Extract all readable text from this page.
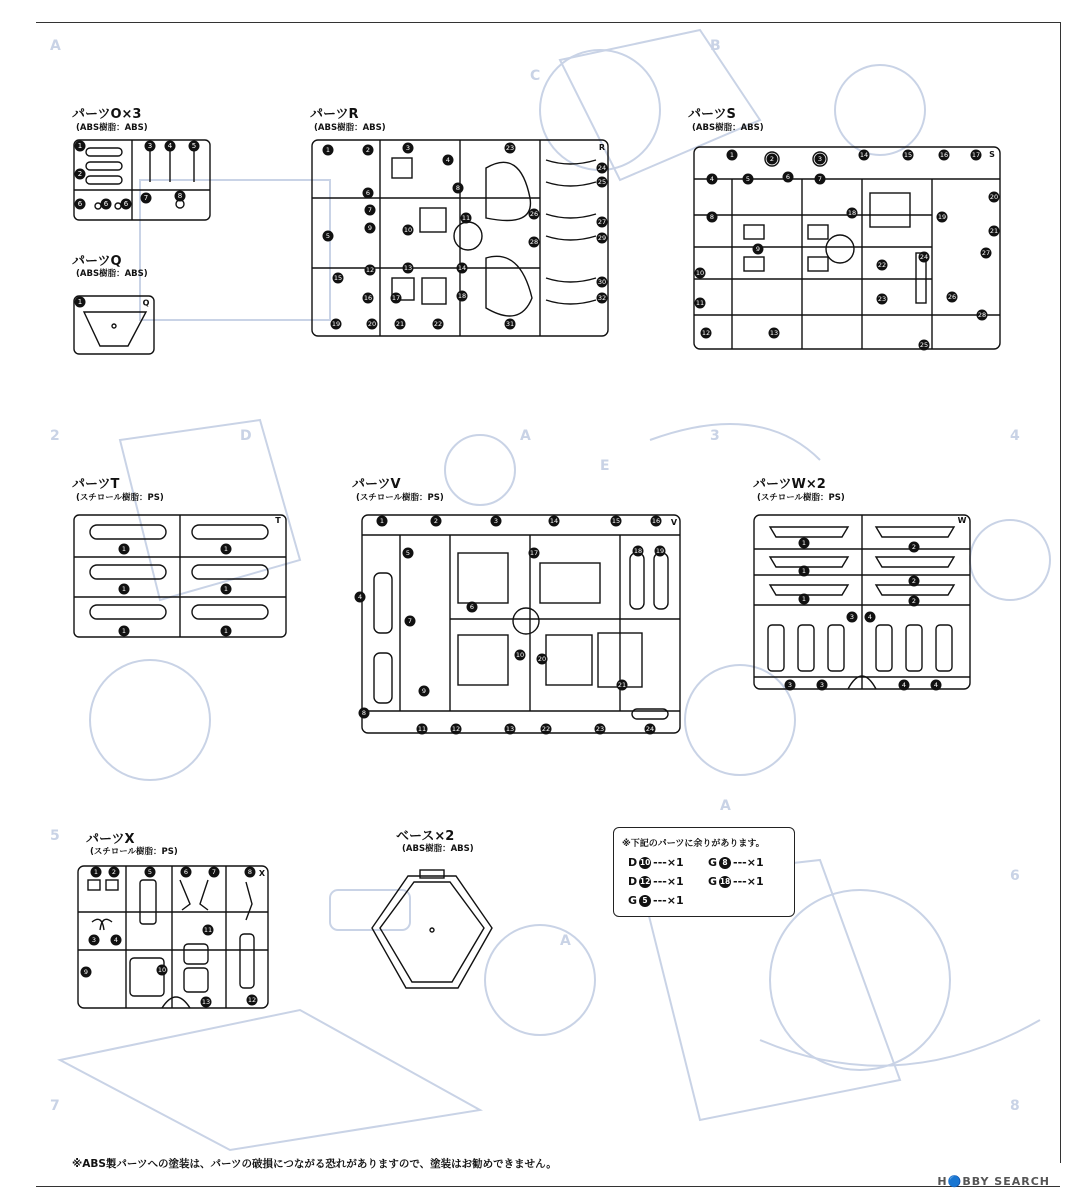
A	B
C
2	3	4
A
E
D
5
6
A
A
7	8
パーツO×3
(ABS樹脂：ABS)
1
2
3 4	5
6	6 6
7	8
パーツQ
(ABS樹脂：ABS)
1	Q
パーツR
(ABS樹脂：ABS)
1	2	3
4
5
6
7
8
9	10
11
12	13	14
15
16	17	18
19	20	21	22
23
24
25
26
27
28	29
30
31
32
R
パーツS
(ABS樹脂：ABS)
1	2	3
4	5	6	7
8
9
10
11
12	13
14	15	16	17
18	19
20
21
22
23
24
25
26
27
28
S
パーツT
(スチロール樹脂：PS)
1
1
1
1
1
1
T
パーツV
(スチロール樹脂：PS)
1	2	3
4
5
6
7
8
9
10
11	12	13
14	15	16
17	18 19
20
21
22	23	24
V
パーツW×2
(スチロール樹脂：PS)
1
1
1
2
2
2
3	3
3
4	4
4
W
パーツX
(スチロール樹脂：PS)
1 2
3	4
5	6	7	8
9	10
11
12
13
X
ベース×2
(ABS樹脂：ABS)	※下記のパーツに余りがあります。
D 10 ---×1 G 8 ---×1
D 12 ---×1 G 18 ---×1
G 5 ---×1
※ABS製パーツへの塗装は、パーツの破損につながる恐れがありますので、塗装はお勧めできません。
H🔵BBY SEARCH
